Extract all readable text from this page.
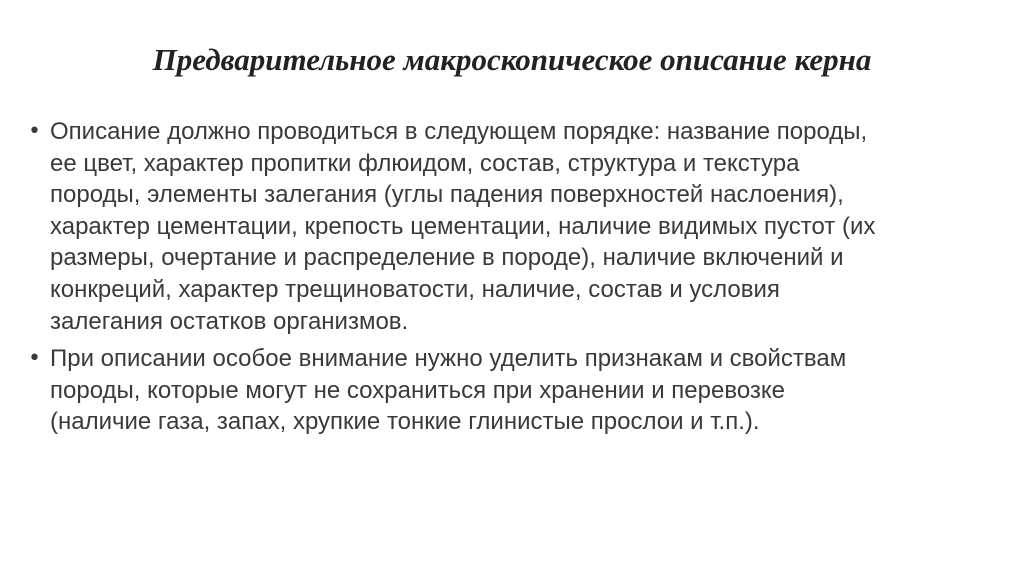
Предварительное макроскопическое описание керна
• Описание должно проводиться в следующем порядке: название породы,
ее цвет, характер пропитки флюидом, состав, структура и текстура
породы, элементы залегания (углы падения поверхностей наслоения),
характер цементации, крепость цементации, наличие видимых пустот (их
размеры, очертание и распределение в породе), наличие включений и
конкреций, характер трещиноватости, наличие, состав и условия
залегания остатков организмов.
• При описании особое внимание нужно уделить признакам и свойствам
породы, которые могут не сохраниться при хранении и перевозке
(наличие газа, запах, хрупкие тонкие глинистые прослои и т.п.).
